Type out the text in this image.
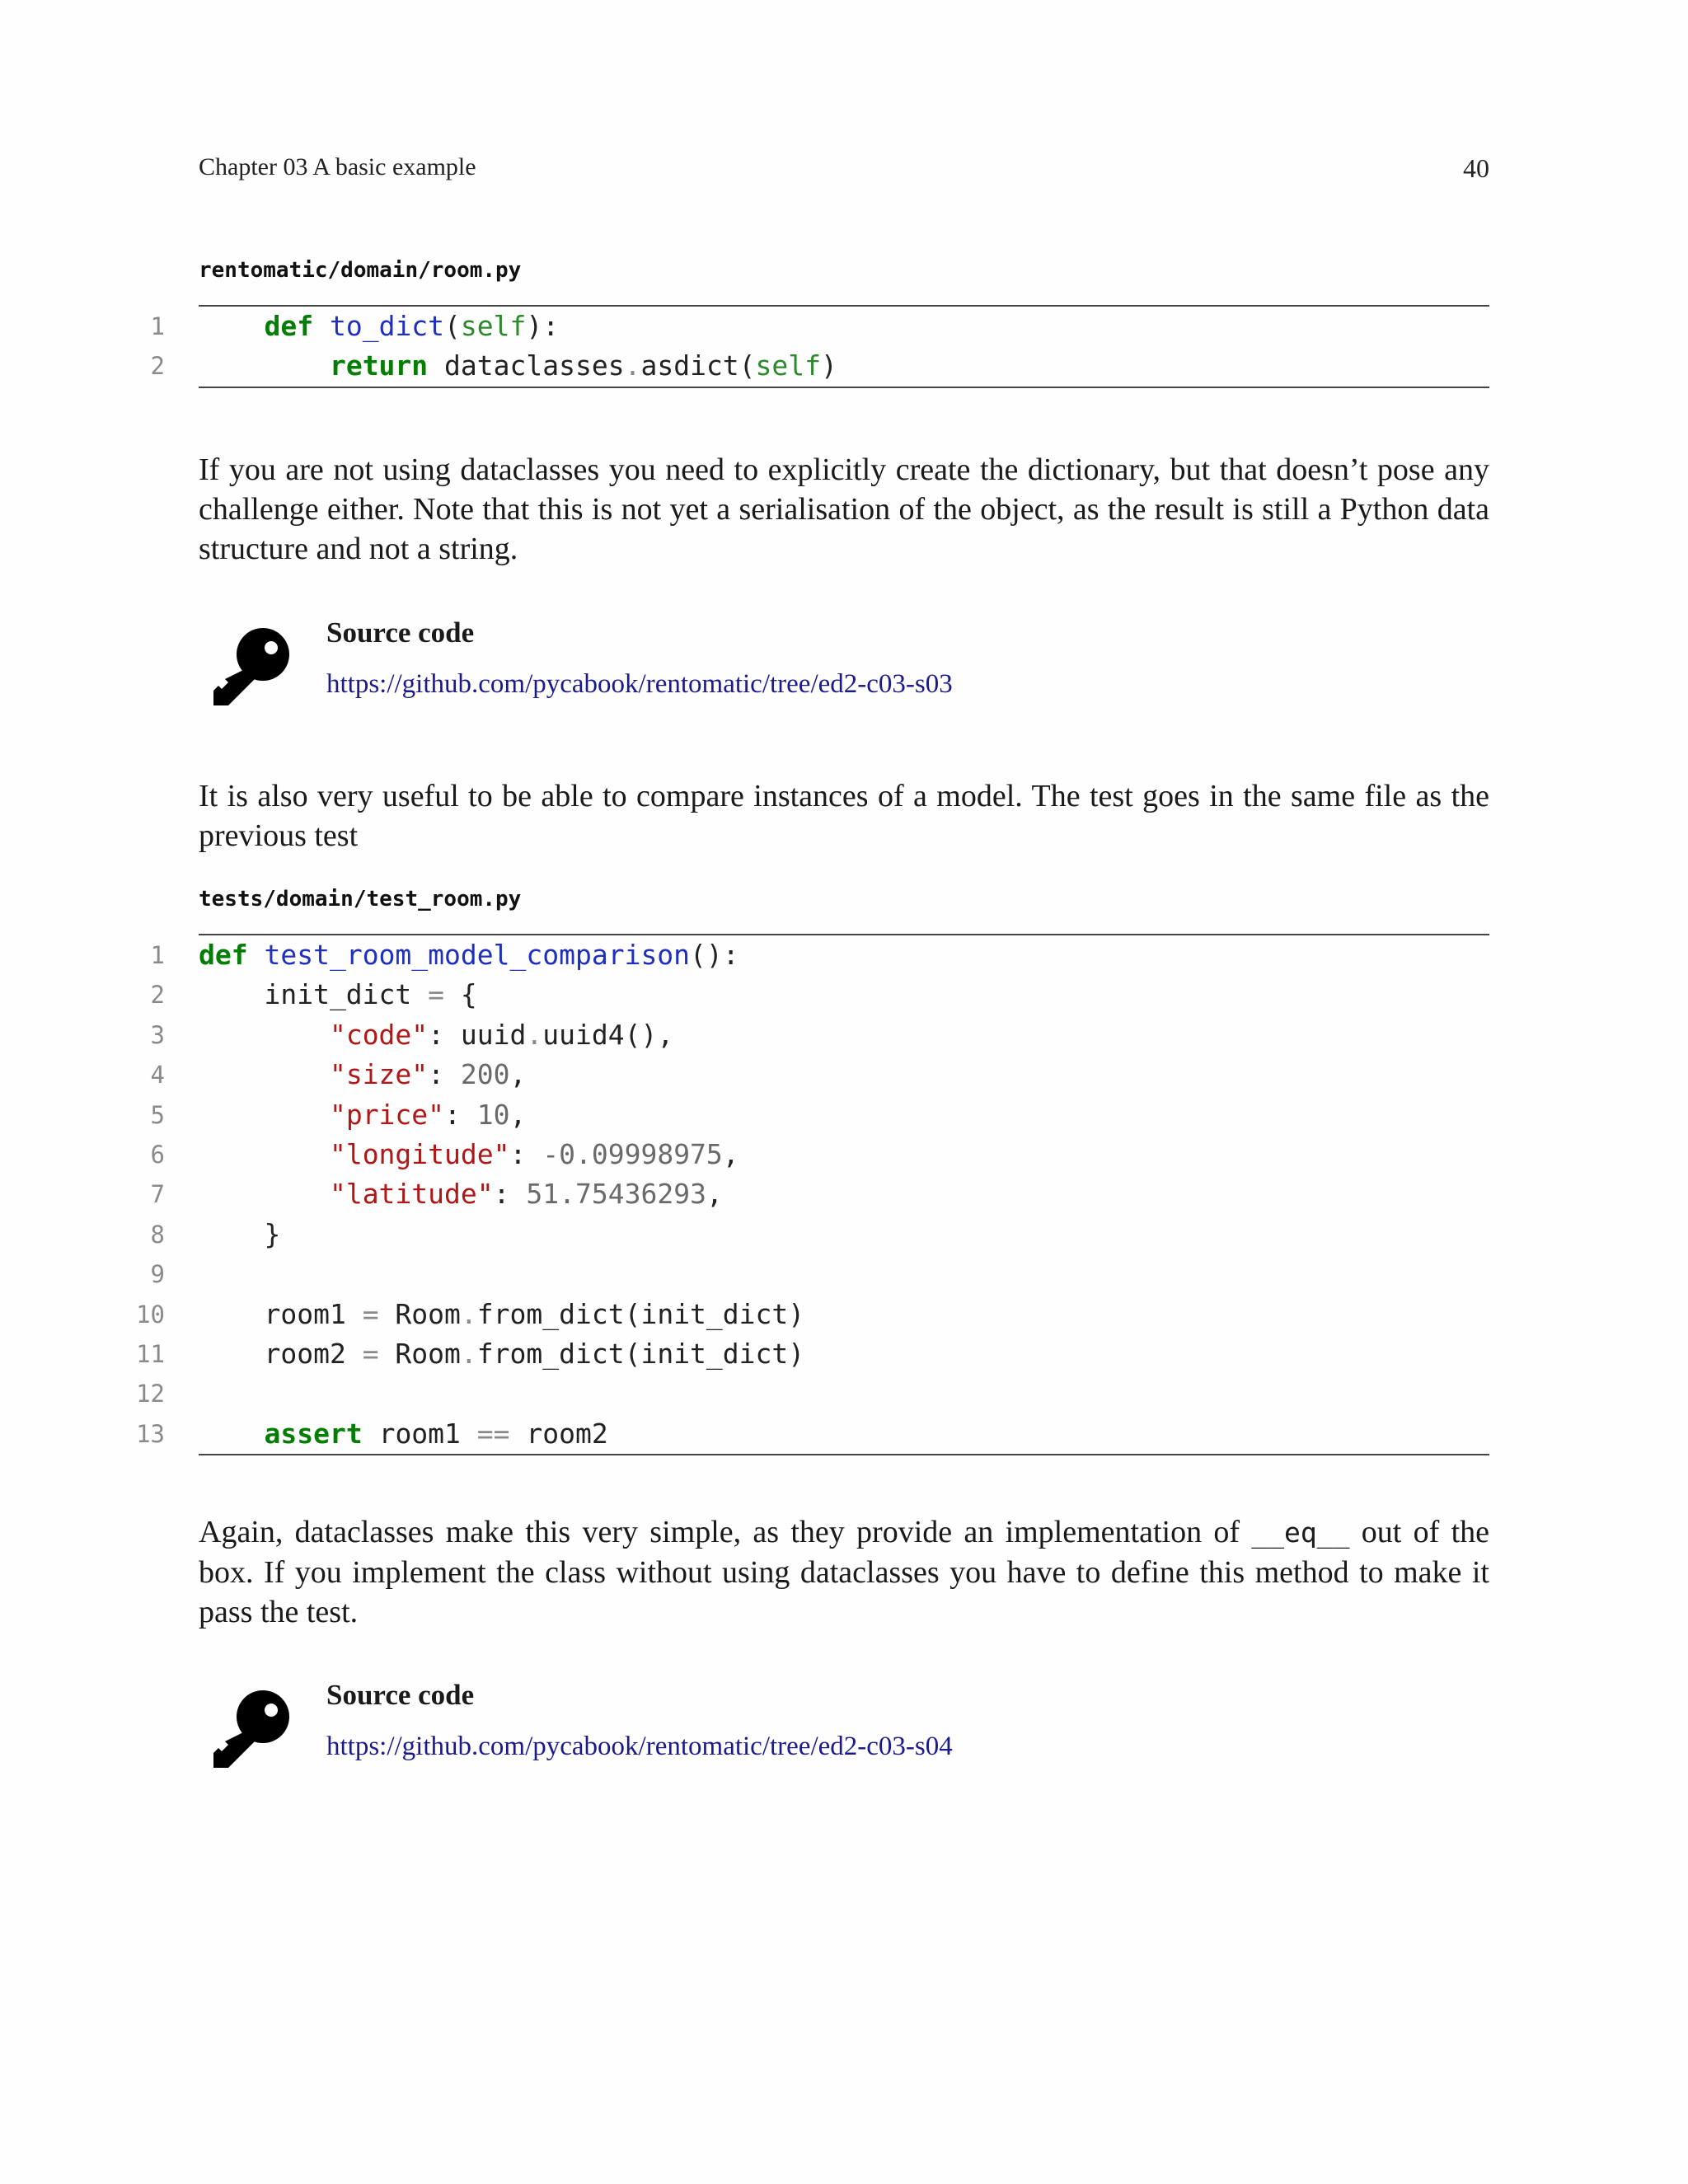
Chapter 03 A basic example	40
rentomatic/domain/room.py
1	def to_dict(self):
2	return dataclasses.asdict(self)

If you are not using dataclasses you need to explicitly create the dictionary, but that doesn’t pose any challenge either. Note that this is not yet a serialisation of the object, as the result is still a Python data structure and not a string.

Source code
https://github.com/pycabook/rentomatic/tree/ed2-c03-s03

It is also very useful to be able to compare instances of a model. The test goes in the same file as the previous test

tests/domain/test_room.py
1 def test_room_model_comparison():
2 init_dict = {
3	"code": uuid.uuid4(),
4	"size": 200,
5	"price": 10,
6	"longitude": -0.09998975,
7	"latitude": 51.75436293,
8 }
9
10 room1 = Room.from_dict(init_dict)
11 room2 = Room.from_dict(init_dict)
12
13	assert room1 == room2

Again, dataclasses make this very simple, as they provide an implementation of __eq__ out of the box. If you implement the class without using dataclasses you have to define this method to make it pass the test.

Source code
https://github.com/pycabook/rentomatic/tree/ed2-c03-s04
